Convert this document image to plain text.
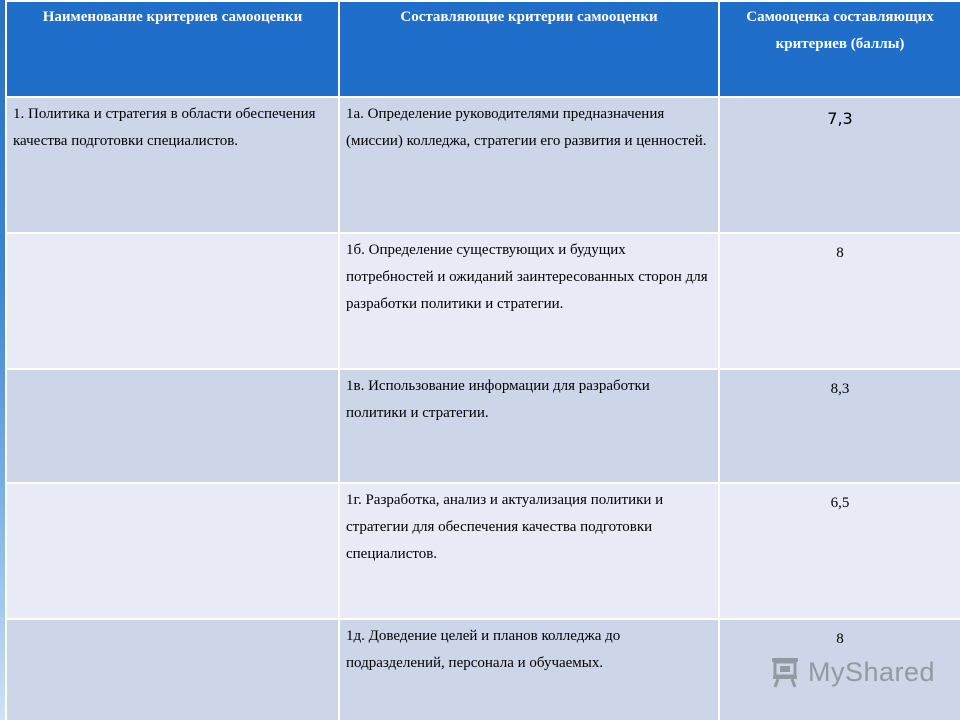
Наименование критериев самооценки	Составляющие критерии самооценки	Самооценка составляющих критериев (баллы)
1. Политика и стратегия в области обеспечения качества подготовки специалистов.	1а. Определение руководителями предназначения (миссии) колледжа, стратегии его развития и ценностей.	7,3
	1б. Определение существующих и будущих потребностей и ожиданий заинтересованных сторон для разработки политики и стратегии.	8
	1в. Использование информации для разработки политики и стратегии.	8,3
	1г. Разработка, анализ и актуализация политики и стратегии для обеспечения качества подготовки специалистов.	6,5
	1д. Доведение целей и планов колледжа до подразделений, персонала и обучаемых.	8
MyShared
